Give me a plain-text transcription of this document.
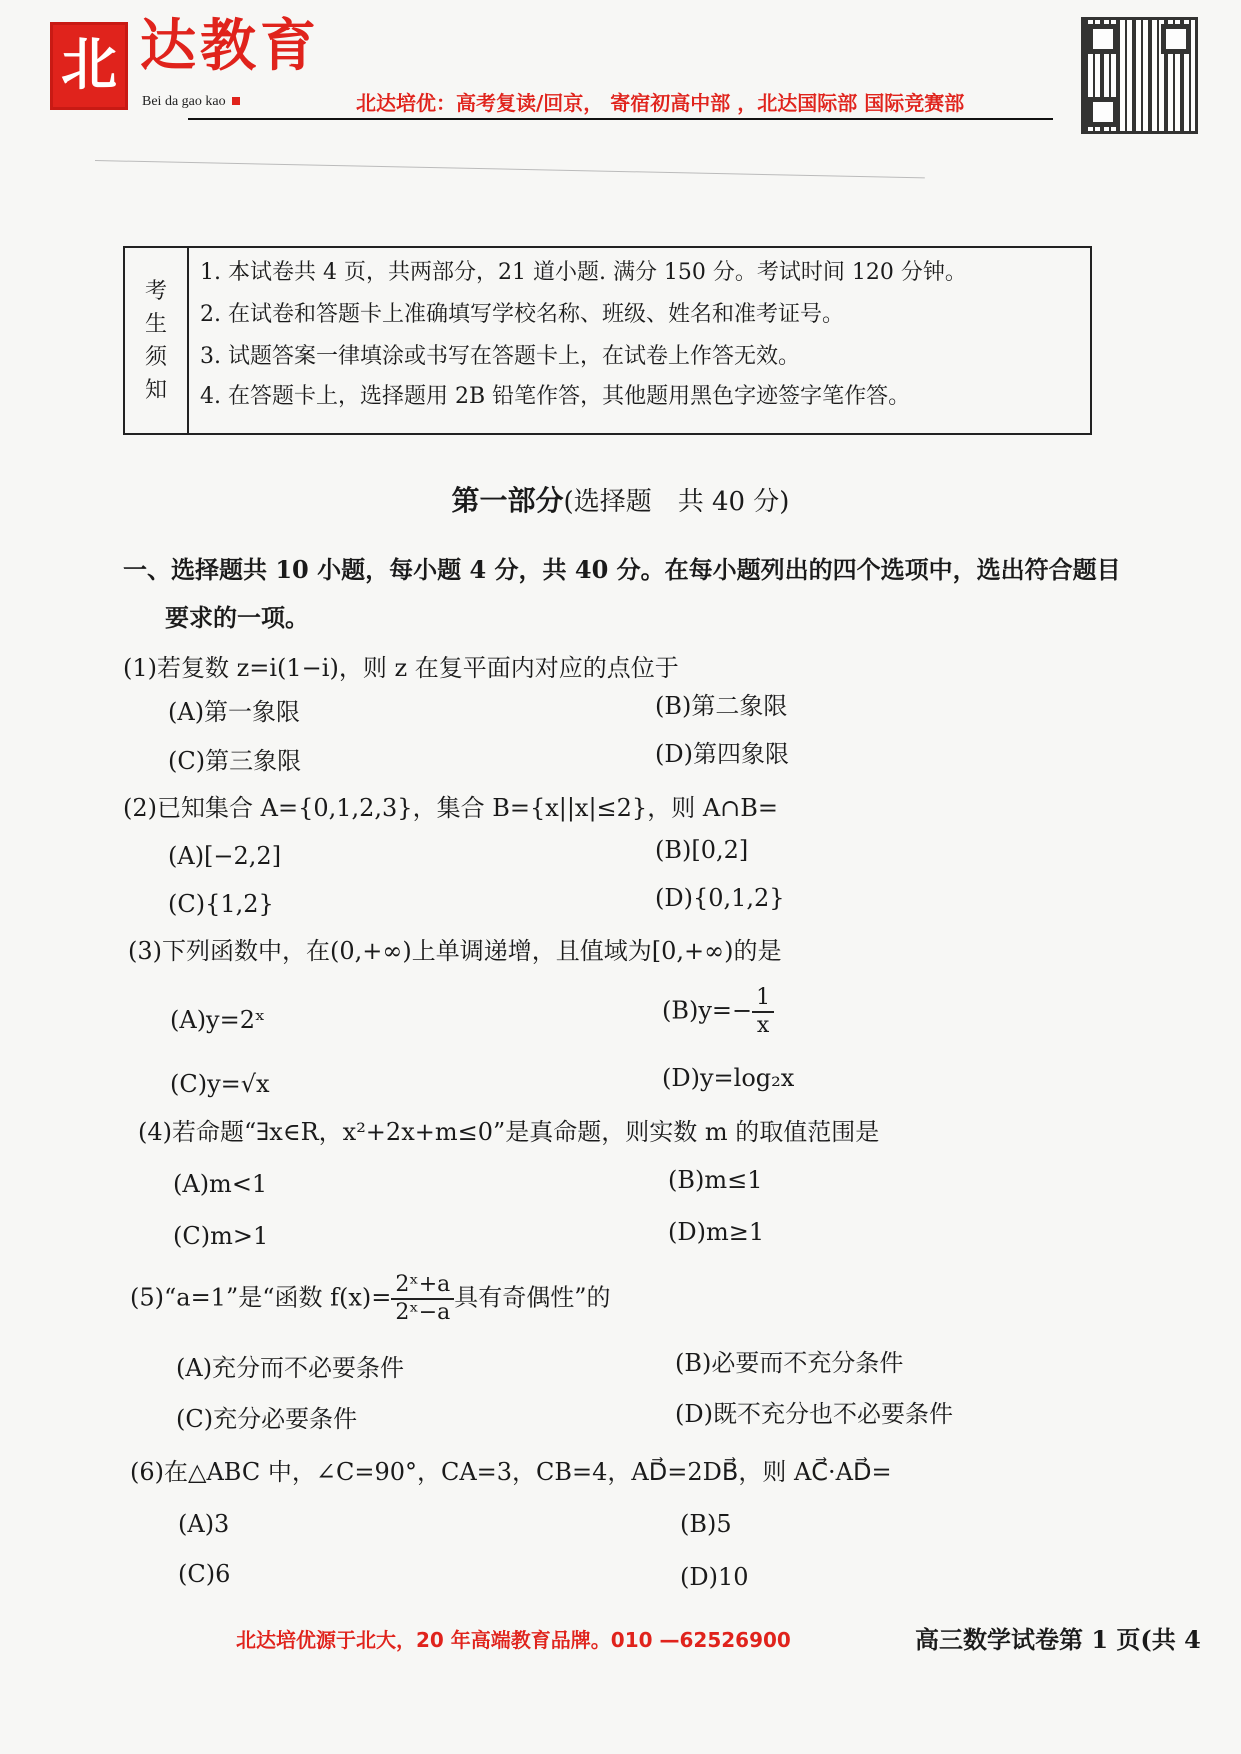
北 达教育
Bei da gao kao	北达培优：高考复读/回京， 寄宿初高中部 ，北达国际部 国际竞赛部
考
生
须
知
1. 本试卷共 4 页，共两部分，21 道小题. 满分 150 分。考试时间 120 分钟。
2. 在试卷和答题卡上准确填写学校名称、班级、姓名和准考证号。
3. 试题答案一律填涂或书写在答题卡上，在试卷上作答无效。
4. 在答题卡上，选择题用 2B 铅笔作答，其他题用黑色字迹签字笔作答。
第一部分(选择题　共 40 分)
一、选择题共 10 小题，每小题 4 分，共 40 分。在每小题列出的四个选项中，选出符合题目
要求的一项。
(1)若复数 z=i(1−i)，则 z 在复平面内对应的点位于
(A)第一象限	(B)第二象限
(C)第三象限	(D)第四象限
(2)已知集合 A={0,1,2,3}，集合 B={x||x|≤2}，则 A∩B=
(A)[−2,2]	(B)[0,2]
(C){1,2}	(D){0,1,2}
(3)下列函数中，在(0,+∞)上单调递增，且值域为[0,+∞)的是
(A)y=2ˣ	$(B)y=- \frac{1}{x}$
(C)y=√x	(D)y=log₂x
(4)若命题“∃x∈R，x²+2x+m≤0”是真命题，则实数 m 的取值范围是
(A)m<1	(B)m≤1
(C)m>1	(D)m≥1
(5)“a=1”是“函数 $f(x)= \frac{\text{2ˣ+a}}{\text{2ˣ−a}}$ 具有奇偶性”的
(A)充分而不必要条件	(B)必要而不充分条件
(C)充分必要条件	(D)既不充分也不必要条件
(6)在△ABC 中，∠C=90°，CA=3，CB=4，AD⃗=2DB⃗，则 AC⃗·AD⃗=
(A)3	(B)5
(C)6	(D)10
北达培优源于北大，20 年高端教育品牌。010 —62526900	高三数学试卷第 1 页(共 4
